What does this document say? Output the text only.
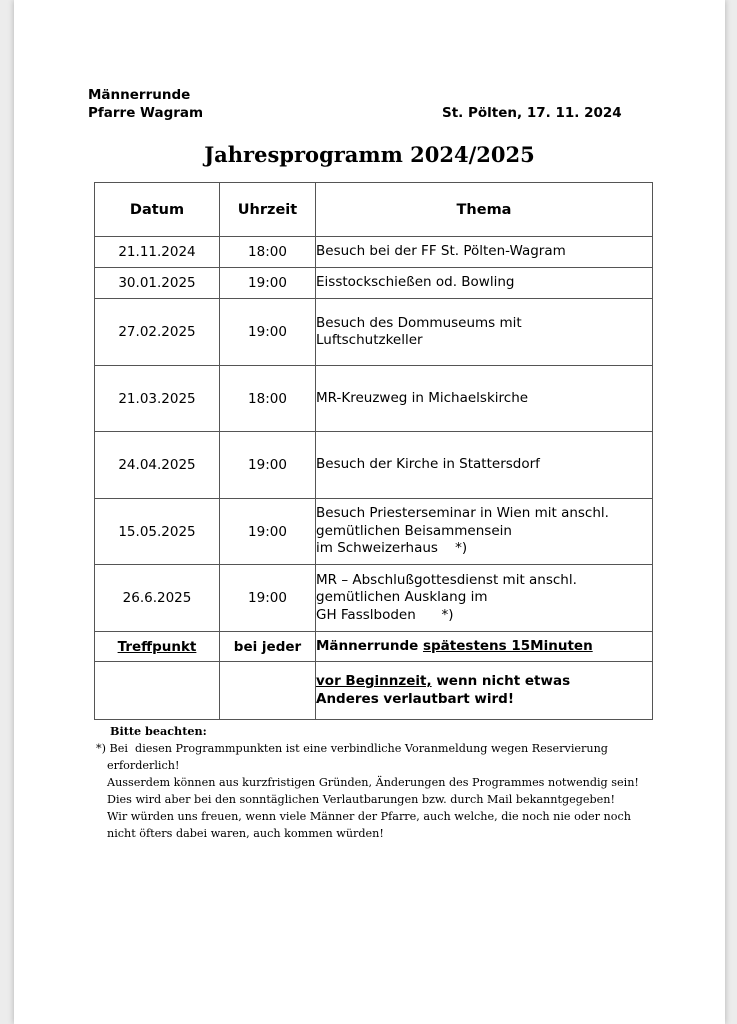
Männerrunde
Pfarre Wagram	St. Pölten, 17. 11. 2024
Jahresprogramm 2024/2025
Datum	Uhrzeit	Thema
21.11.2024	18:00	Besuch bei der FF St. Pölten-Wagram

30.01.2025	19:00	Eisstockschießen od. Bowling

27.02.2025	19:00	Besuch des Dommuseums mit
Luftschutzkeller

21.03.2025	18:00	MR-Kreuzweg in Michaelskirche

24.04.2025	19:00	Besuch der Kirche in Stattersdorf

15.05.2025	19:00	Besuch Priesterseminar in Wien mit anschl.
gemütlichen Beisammensein
im Schweizerhaus    *)

26.6.2025	19:00	MR – Abschlußgottesdienst mit anschl.
gemütlichen Ausklang im
GH Fasslboden      *)

Treffpunkt	bei jeder	Männerrunde spätestens 15Minuten

		vor Beginnzeit, wenn nicht etwas
Anderes verlautbart wird!
Bitte beachten:
*) Bei  diesen Programmpunkten ist eine verbindliche Voranmeldung wegen Reservierung
erforderlich!
Ausserdem können aus kurzfristigen Gründen, Änderungen des Programmes notwendig sein!
Dies wird aber bei den sonntäglichen Verlautbarungen bzw. durch Mail bekanntgegeben!
Wir würden uns freuen, wenn viele Männer der Pfarre, auch welche, die noch nie oder noch
nicht öfters dabei waren, auch kommen würden!
